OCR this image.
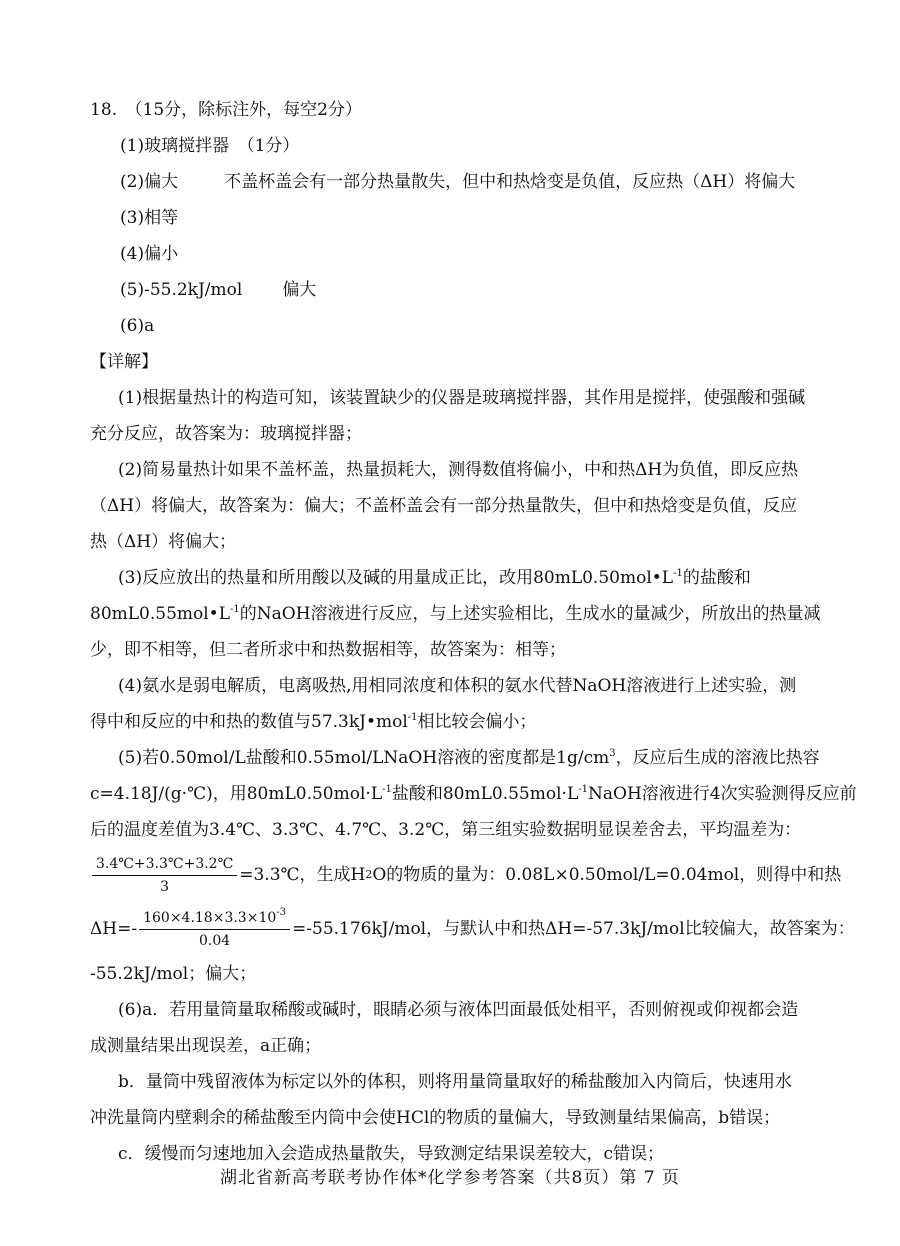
18.　（15分，除标注外，每空2分）
(1)玻璃搅拌器　（1分）
(2)偏大	不盖杯盖会有一部分热量散失，但中和热焓变是负值，反应热（ΔH）将偏大
(3)相等
(4)偏小
(5)-55.2kJ/mol 偏大
(6)a
【详解】
(1)根据量热计的构造可知，该装置缺少的仪器是玻璃搅拌器，其作用是搅拌，使强酸和强碱
充分反应，故答案为：玻璃搅拌器；
(2)简易量热计如果不盖杯盖，热量损耗大，测得数值将偏小，中和热ΔH为负值，即反应热
（ΔH）将偏大，故答案为：偏大；不盖杯盖会有一部分热量散失，但中和热焓变是负值，反应
热（ΔH）将偏大；
(3)反应放出的热量和所用酸以及碱的用量成正比，改用$80mL0.50mol•L^{-1}$的盐酸和
$80mL0.55mol•L^{-1}$的NaOH溶液进行反应，与上述实验相比，生成水的量减少，所放出的热量减
少，即不相等，但二者所求中和热数据相等，故答案为：相等；
(4)氨水是弱电解质，电离吸热,用相同浓度和体积的氨水代替NaOH溶液进行上述实验，测
得中和反应的中和热的数值与57.3kJ•mol$^{-1}$相比较会偏小；
(5)若0.50mol/L盐酸和0.55mol/LNaOH溶液的密度都是$1g/cm^3$，反应后生成的溶液比热容
c=4.18J/(g·℃)，用$80mL0.50mol\cdot L^{-1}$盐酸和$80mL0.55mol\cdot L^{-1}NaOH$溶液进行4次实验测得反应前
后的温度差值为3.4℃、3.3℃、4.7℃、3.2℃，第三组实验数据明显误差舍去，平均温差为：
$\frac{3.4℃+3.3℃+3.2℃}{3}$ =3.3℃，生成H 2 O的物质的量为：0.08L×0.50mol/L=0.04mol，则得中和热
$\Delta H=- \frac{160\times 4.18\times 3.3\times 10^{-3}}{0.04} =-55.176kJ/mol$，与默认中和热ΔH=-57.3kJ/mol比较偏大，故答案为：
-55.2kJ/mol；偏大；
(6)a．若用量筒量取稀酸或碱时，眼睛必须与液体凹面最低处相平，否则俯视或仰视都会造
成测量结果出现误差，a正确；
b．量筒中残留液体为标定以外的体积，则将用量筒量取好的稀盐酸加入内筒后，快速用水
冲洗量筒内壁剩余的稀盐酸至内筒中会使HCl的物质的量偏大，导致测量结果偏高，b错误；
c．缓慢而匀速地加入会造成热量散失，导致测定结果误差较大，c错误；
湖北省新高考联考协作体*化学参考答案（共8页）第 7 页
